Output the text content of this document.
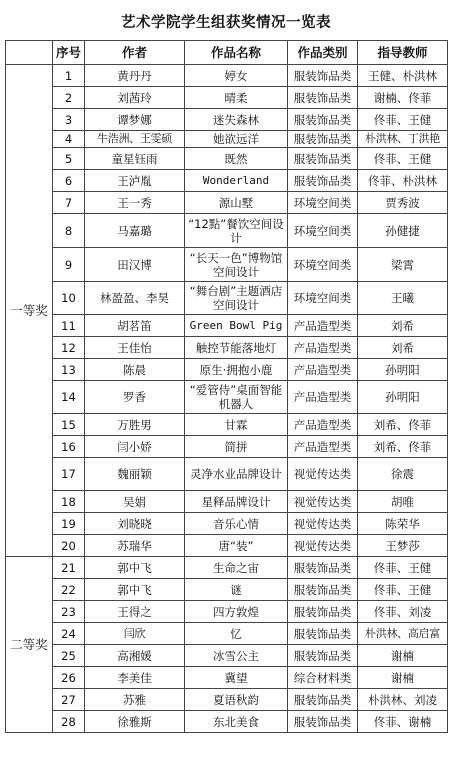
艺术学院学生组获奖情况一览表
	序号	作者	作品名称	作品类别	指导教师
一等奖	1	黄丹丹	婷女	服装饰品类	王健、朴洪林
	2	刘茜玲	晴柔	服装饰品类	谢楠、佟菲
	3	谭梦娜	迷失森林	服装饰品类	佟菲、王健
	4	牛浩洲、王雯硕	她欲远洋	服装饰品类	朴洪林、丁洪艳
	5	童星钰雨	既然	服装饰品类	佟菲、王健
	6	王泸胤	Wonderland	服装饰品类	佟菲、朴洪林
	7	王一秀	源山墅	环境空间类	贾秀波
	8	马嘉璐	“12點”餐饮空间设计	环境空间类	孙健捷
	9	田汉博	“长天一色”博物馆空间设计	环境空间类	梁霄
	10	林盈盈、李昊	“舞台剧”主题酒店空间设计	环境空间类	王曦
	11	胡茗笛	Green Bowl Pig	产品造型类	刘希
	12	王佳怡	触控节能落地灯	产品造型类	刘希
	13	陈晨	原生·拥抱小鹿	产品造型类	孙明阳
	14	罗香	“爱管侍”桌面智能机器人	产品造型类	孙明阳
	15	万胜男	甘霖	产品造型类	刘希、佟菲
	16	闫小娇	简拼	产品造型类	刘希、佟菲
	17	魏丽颖	灵净水业品牌设计	视觉传达类	徐震
	18	吴娟	星释品牌设计	视觉传达类	胡唯
	19	刘晓晓	音乐心情	视觉传达类	陈荣华
	20	苏瑞华	唐“装”	视觉传达类	王梦莎
二等奖	21	郭中飞	生命之宙	服装饰品类	佟菲、王健
	22	郭中飞	谜	服装饰品类	佟菲、王健
	23	王得之	四方敦煌	服装饰品类	佟菲、刘凌
	24	闫欣	忆	服装饰品类	朴洪林、高启富
	25	高湘媛	冰雪公主	服装饰品类	谢楠
	26	李美佳	冀望	综合材料类	谢楠
	27	苏雅	夏语秋韵	服装饰品类	朴洪林、刘凌
	28	徐雅斯	东北美食	服装饰品类	佟菲、谢楠
